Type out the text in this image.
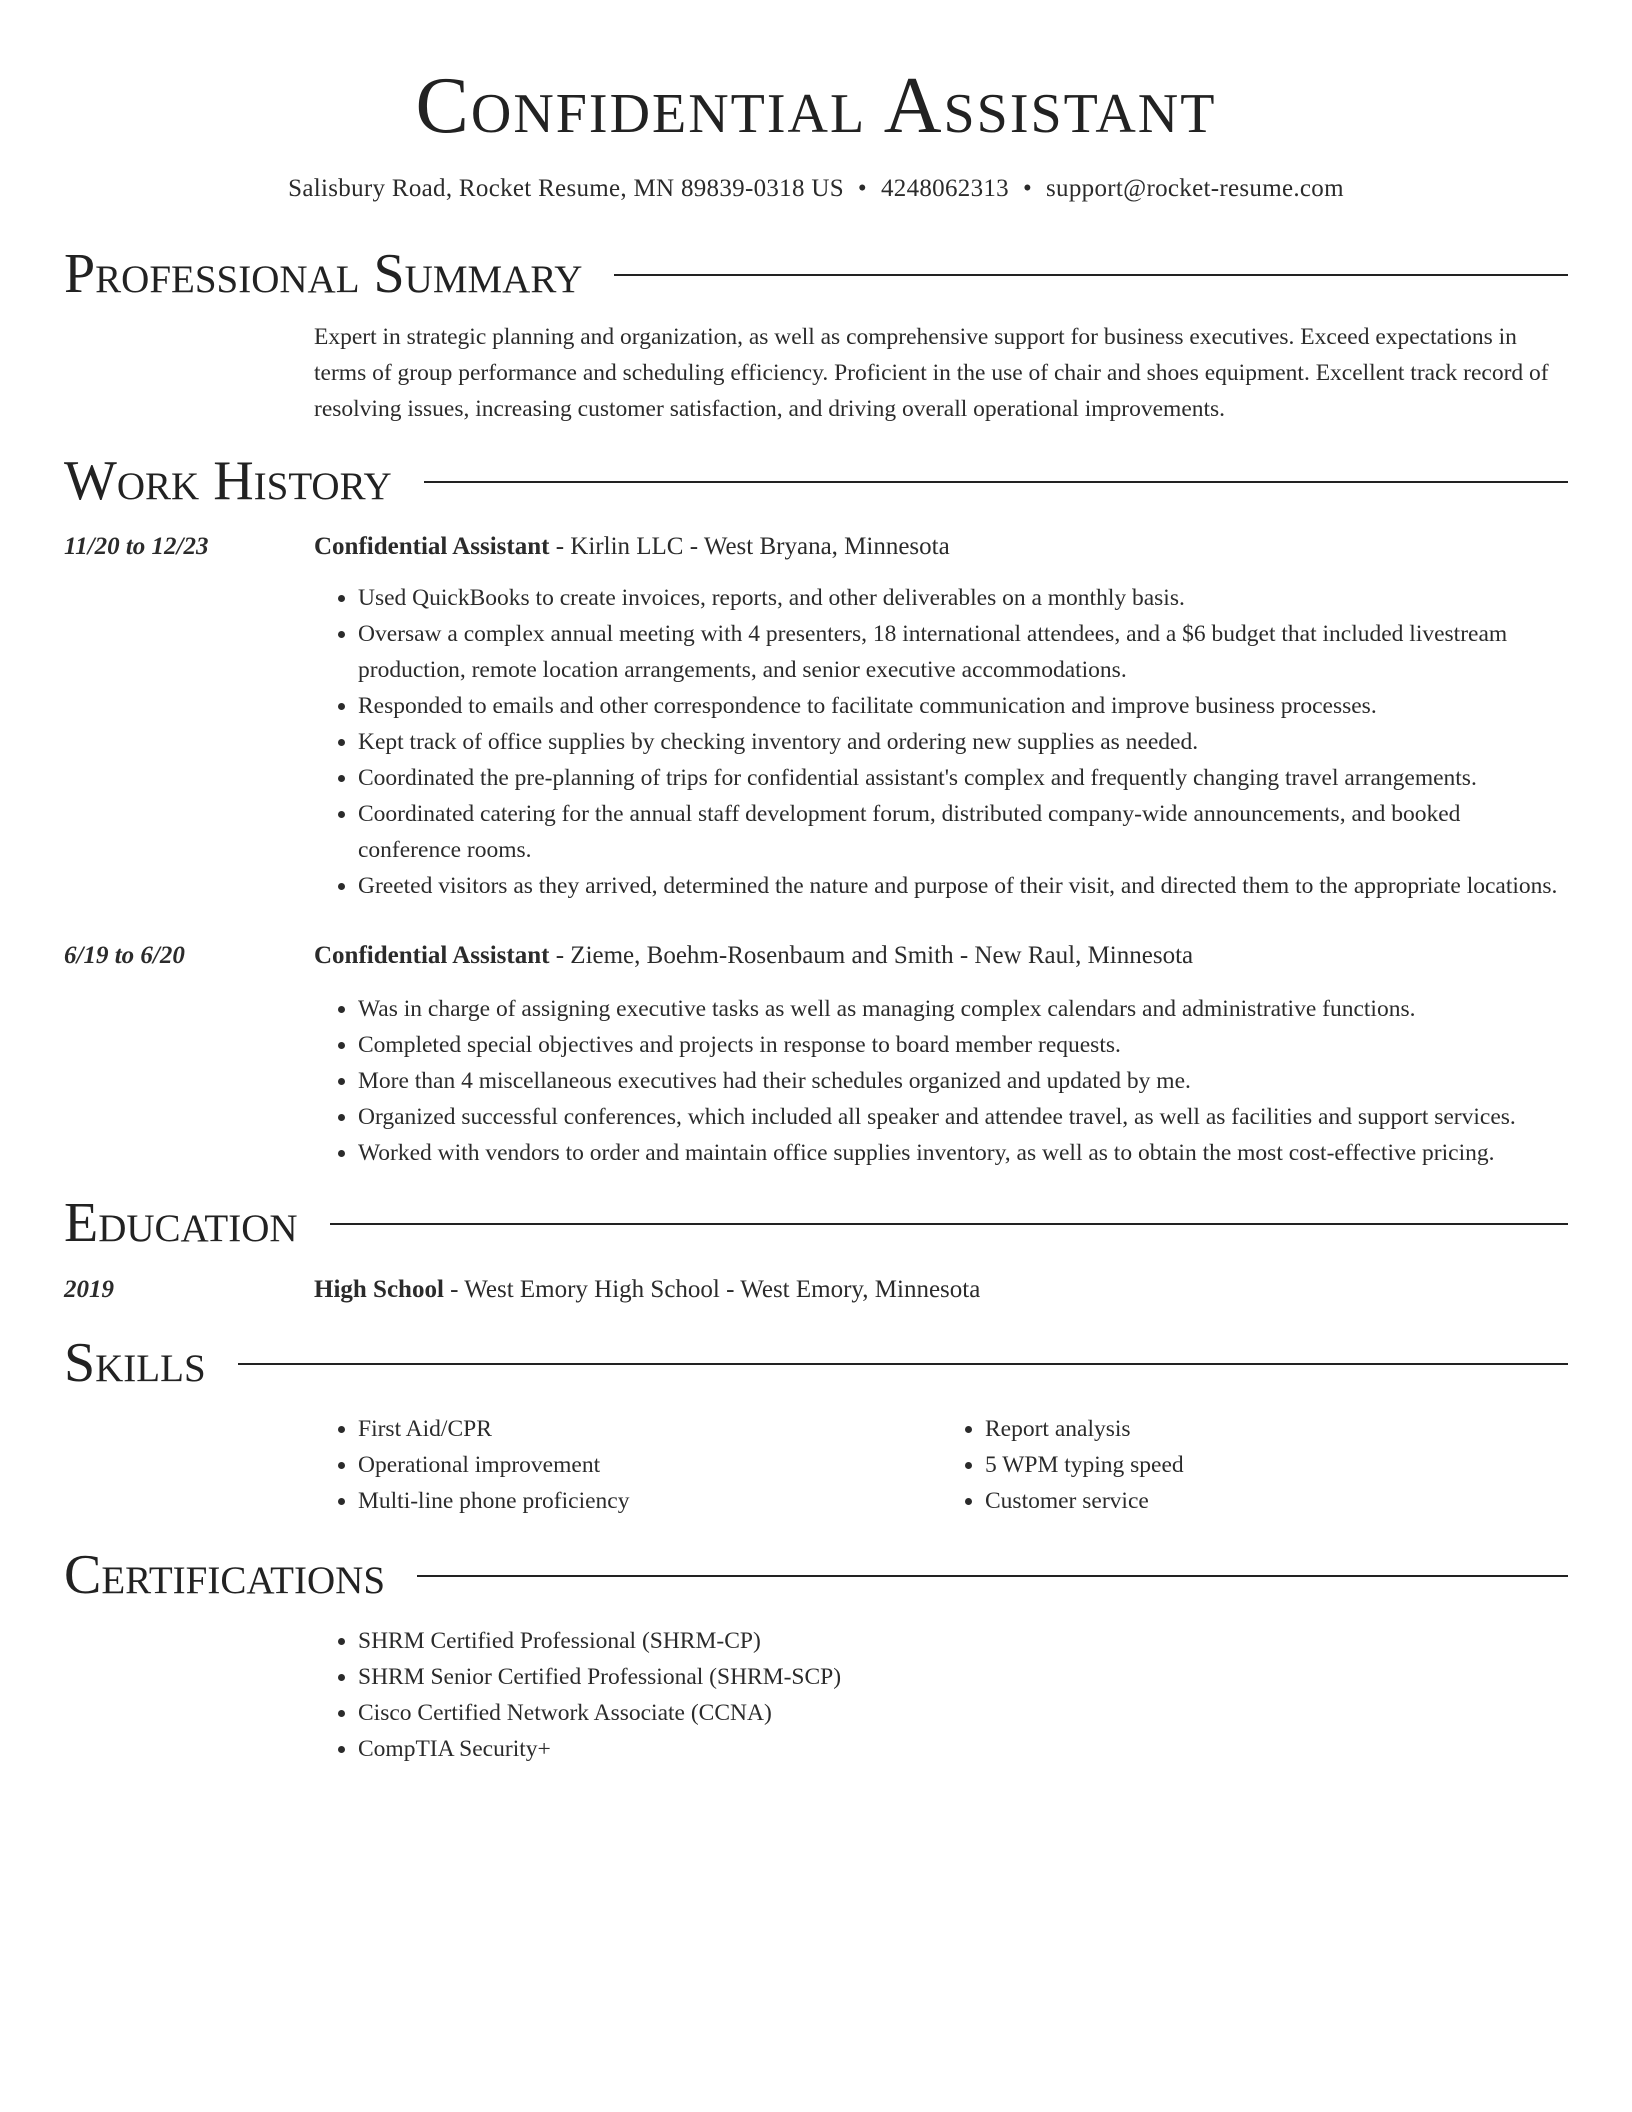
Confidential Assistant
Salisbury Road, Rocket Resume, MN 89839-0318 US • 4248062313 • support@rocket-resume.com
Professional Summary
Expert in strategic planning and organization, as well as comprehensive support for business executives. Exceed expectations in terms of group performance and scheduling efficiency. Proficient in the use of chair and shoes equipment. Excellent track record of resolving issues, increasing customer satisfaction, and driving overall operational improvements.
Work History
11/20 to 12/23	Confidential Assistant - Kirlin LLC - West Bryana, Minnesota
• Used QuickBooks to create invoices, reports, and other deliverables on a monthly basis.
• Oversaw a complex annual meeting with 4 presenters, 18 international attendees, and a $6 budget that included livestream production, remote location arrangements, and senior executive accommodations.
• Responded to emails and other correspondence to facilitate communication and improve business processes.
• Kept track of office supplies by checking inventory and ordering new supplies as needed.
• Coordinated the pre-planning of trips for confidential assistant's complex and frequently changing travel arrangements.
• Coordinated catering for the annual staff development forum, distributed company-wide announcements, and booked conference rooms.
• Greeted visitors as they arrived, determined the nature and purpose of their visit, and directed them to the appropriate locations.
6/19 to 6/20	Confidential Assistant - Zieme, Boehm-Rosenbaum and Smith - New Raul, Minnesota
• Was in charge of assigning executive tasks as well as managing complex calendars and administrative functions.
• Completed special objectives and projects in response to board member requests.
• More than 4 miscellaneous executives had their schedules organized and updated by me.
• Organized successful conferences, which included all speaker and attendee travel, as well as facilities and support services.
• Worked with vendors to order and maintain office supplies inventory, as well as to obtain the most cost-effective pricing.
Education
2019	High School - West Emory High School - West Emory, Minnesota
Skills
• First Aid/CPR
• Operational improvement
• Multi-line phone proficiency
• Report analysis
• 5 WPM typing speed
• Customer service
Certifications
• SHRM Certified Professional (SHRM-CP)
• SHRM Senior Certified Professional (SHRM-SCP)
• Cisco Certified Network Associate (CCNA)
• CompTIA Security+
